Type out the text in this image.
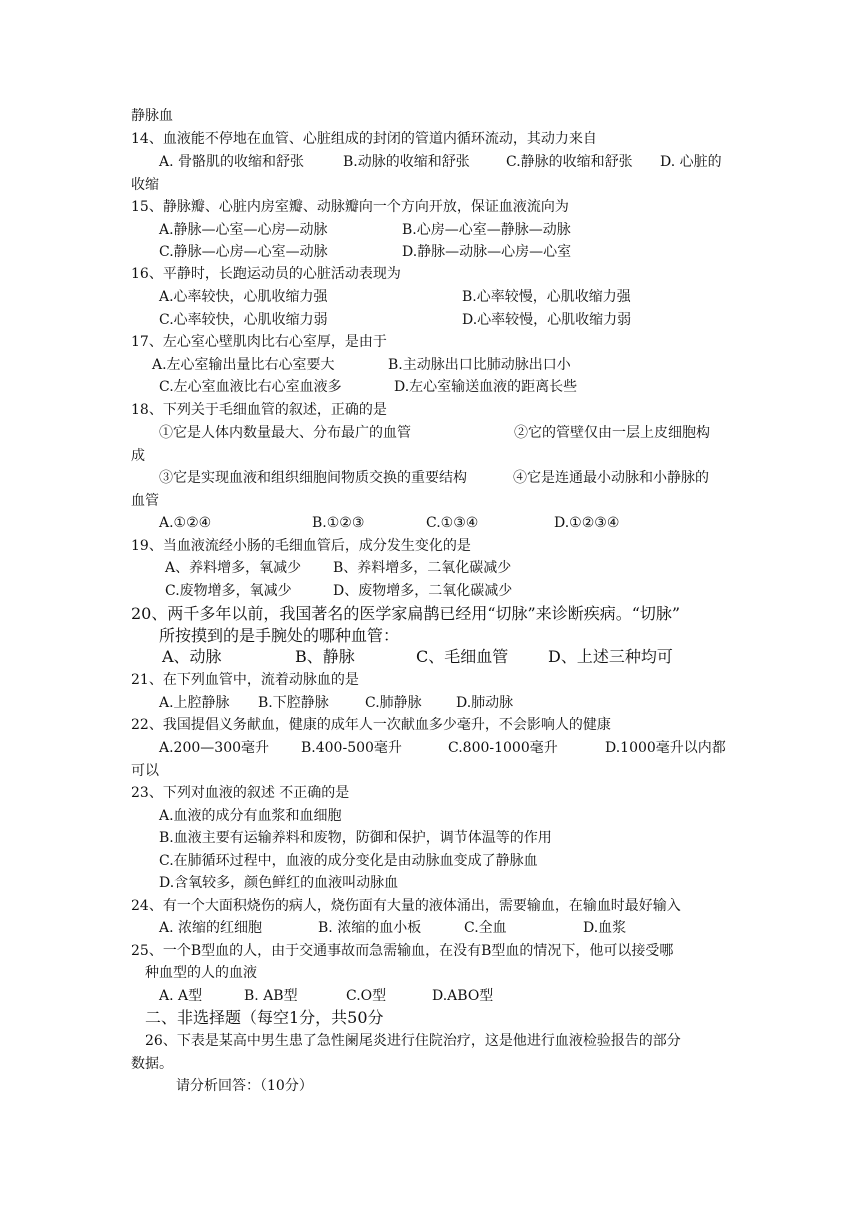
静脉血
14、血液能不停地在血管、心脏组成的封闭的管道内循环流动，其动力来自
A. 骨骼肌的收缩和舒张	B.动脉的收缩和舒张	C.静脉的收缩和舒张 D. 心脏的
收缩
15、静脉瓣、心脏内房室瓣、动脉瓣向一个方向开放，保证血液流向为
A.静脉—心室—心房—动脉	B.心房—心室—静脉—动脉
C.静脉—心房—心室—动脉	D.静脉—动脉—心房—心室
16、平静时，长跑运动员的心脏活动表现为
A.心率较快，心肌收缩力强	B.心率较慢，心肌收缩力强
C.心率较快，心肌收缩力弱	D.心率较慢，心肌收缩力弱
17、左心室心壁肌肉比右心室厚，是由于
A.左心室输出量比右心室要大	B.主动脉出口比肺动脉出口小
C.左心室血液比右心室血液多	D.左心室输送血液的距离长些
18、下列关于毛细血管的叙述，正确的是
①它是人体内数量最大、分布最广的血管	②它的管壁仅由一层上皮细胞构
成
③它是实现血液和组织细胞间物质交换的重要结构	④它是连通最小动脉和小静脉的
血管
A.①②④	B.①②③	C.①③④	D.①②③④
19、当血液流经小肠的毛细血管后，成分发生变化的是
A、养料增多，氧减少 B、养料增多，二氧化碳减少
C.废物增多，氧减少	D、废物增多，二氧化碳减少
20、两千多年以前，我国著名的医学家扁鹊已经用“切脉”来诊断疾病。“切脉”
所按摸到的是手腕处的哪种血管：
A、动脉	B、静脉	C、毛细血管 D、上述三种均可
21、在下列血管中，流着动脉血的是
A.上腔静脉 B.下腔静脉	C.肺静脉 D.肺动脉
22、我国提倡义务献血，健康的成年人一次献血多少毫升，不会影响人的健康
A.200—300毫升 B.400-500毫升	C.800-1000毫升	D.1000毫升以内都
可以
23、下列对血液的叙述 不正确的是
A.血液的成分有血浆和血细胞
B.血液主要有运输养料和废物，防御和保护，调节体温等的作用
C.在肺循环过程中，血液的成分变化是由动脉血变成了静脉血
D.含氧较多，颜色鲜红的血液叫动脉血
24、有一个大面积烧伤的病人，烧伤面有大量的液体涌出，需要输血，在输血时最好输入
A. 浓缩的红细胞	B. 浓缩的血小板	C.全血	D.血浆
25、一个B型血的人，由于交通事故而急需输血，在没有B型血的情况下，他可以接受哪
种血型的人的血液
A. A型	B. AB型	C.O型	D.ABO型
二、非选择题（每空1分，共50分
26、下表是某高中男生患了急性阑尾炎进行住院治疗，这是他进行血液检验报告的部分
数据。
请分析回答：（10分）
